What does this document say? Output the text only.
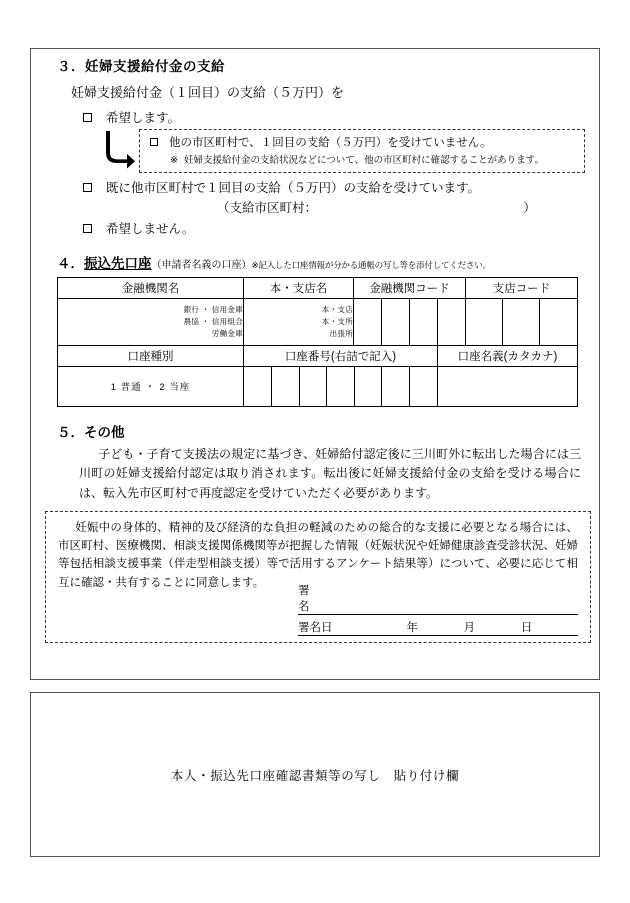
３．妊婦支援給付金の支給
妊婦支援給付金（１回目）の支給（５万円）を
希望します。
他の市区町村で、１回目の支給（５万円）を受けていません。
※ 妊婦支援給付金の支給状況などについて、他の市区町村に確認することがあります。
既に他市区町村で１回目の支給（５万円）の支給を受けています。
（支給市区町村：　　　　　　　　　　　　　　　　　）
希望しません。
４．振込先口座（申請者名義の口座）※記入した口座情報が分かる通帳の写し等を添付してください。
金融機関名	本・支店名	金融機関コード	支店コード

銀行 ・ 信用金庫
農協 ・ 信用組合
労働金庫

本・支店
本・支所
出張所

口座種別	口座番号(右詰で記入)	口座名義(カタカナ)
1 普通 ・ 2 当座	

５．その他

子ども・子育て支援法の規定に基づき、妊婦給付認定後に三川町外に転出した場合には三川町の妊婦支援給付認定は取り消されます。転出後に妊婦支援給付金の支給を受ける場合には、転入先市区町村で再度認定を受けていただく必要があります。

妊娠中の身体的、精神的及び経済的な負担の軽減のための総合的な支援に必要となる場合には、市区町村、医療機関、相談支援関係機関等が把握した情報（妊娠状況や妊婦健康診査受診状況、妊婦等包括相談支援事業（伴走型相談支援）等で活用するアンケート結果等）について、必要に応じて相互に確認・共有することに同意します。

署　名
署名日	年	月	日
本人・振込先口座確認書類等の写し　貼り付け欄
